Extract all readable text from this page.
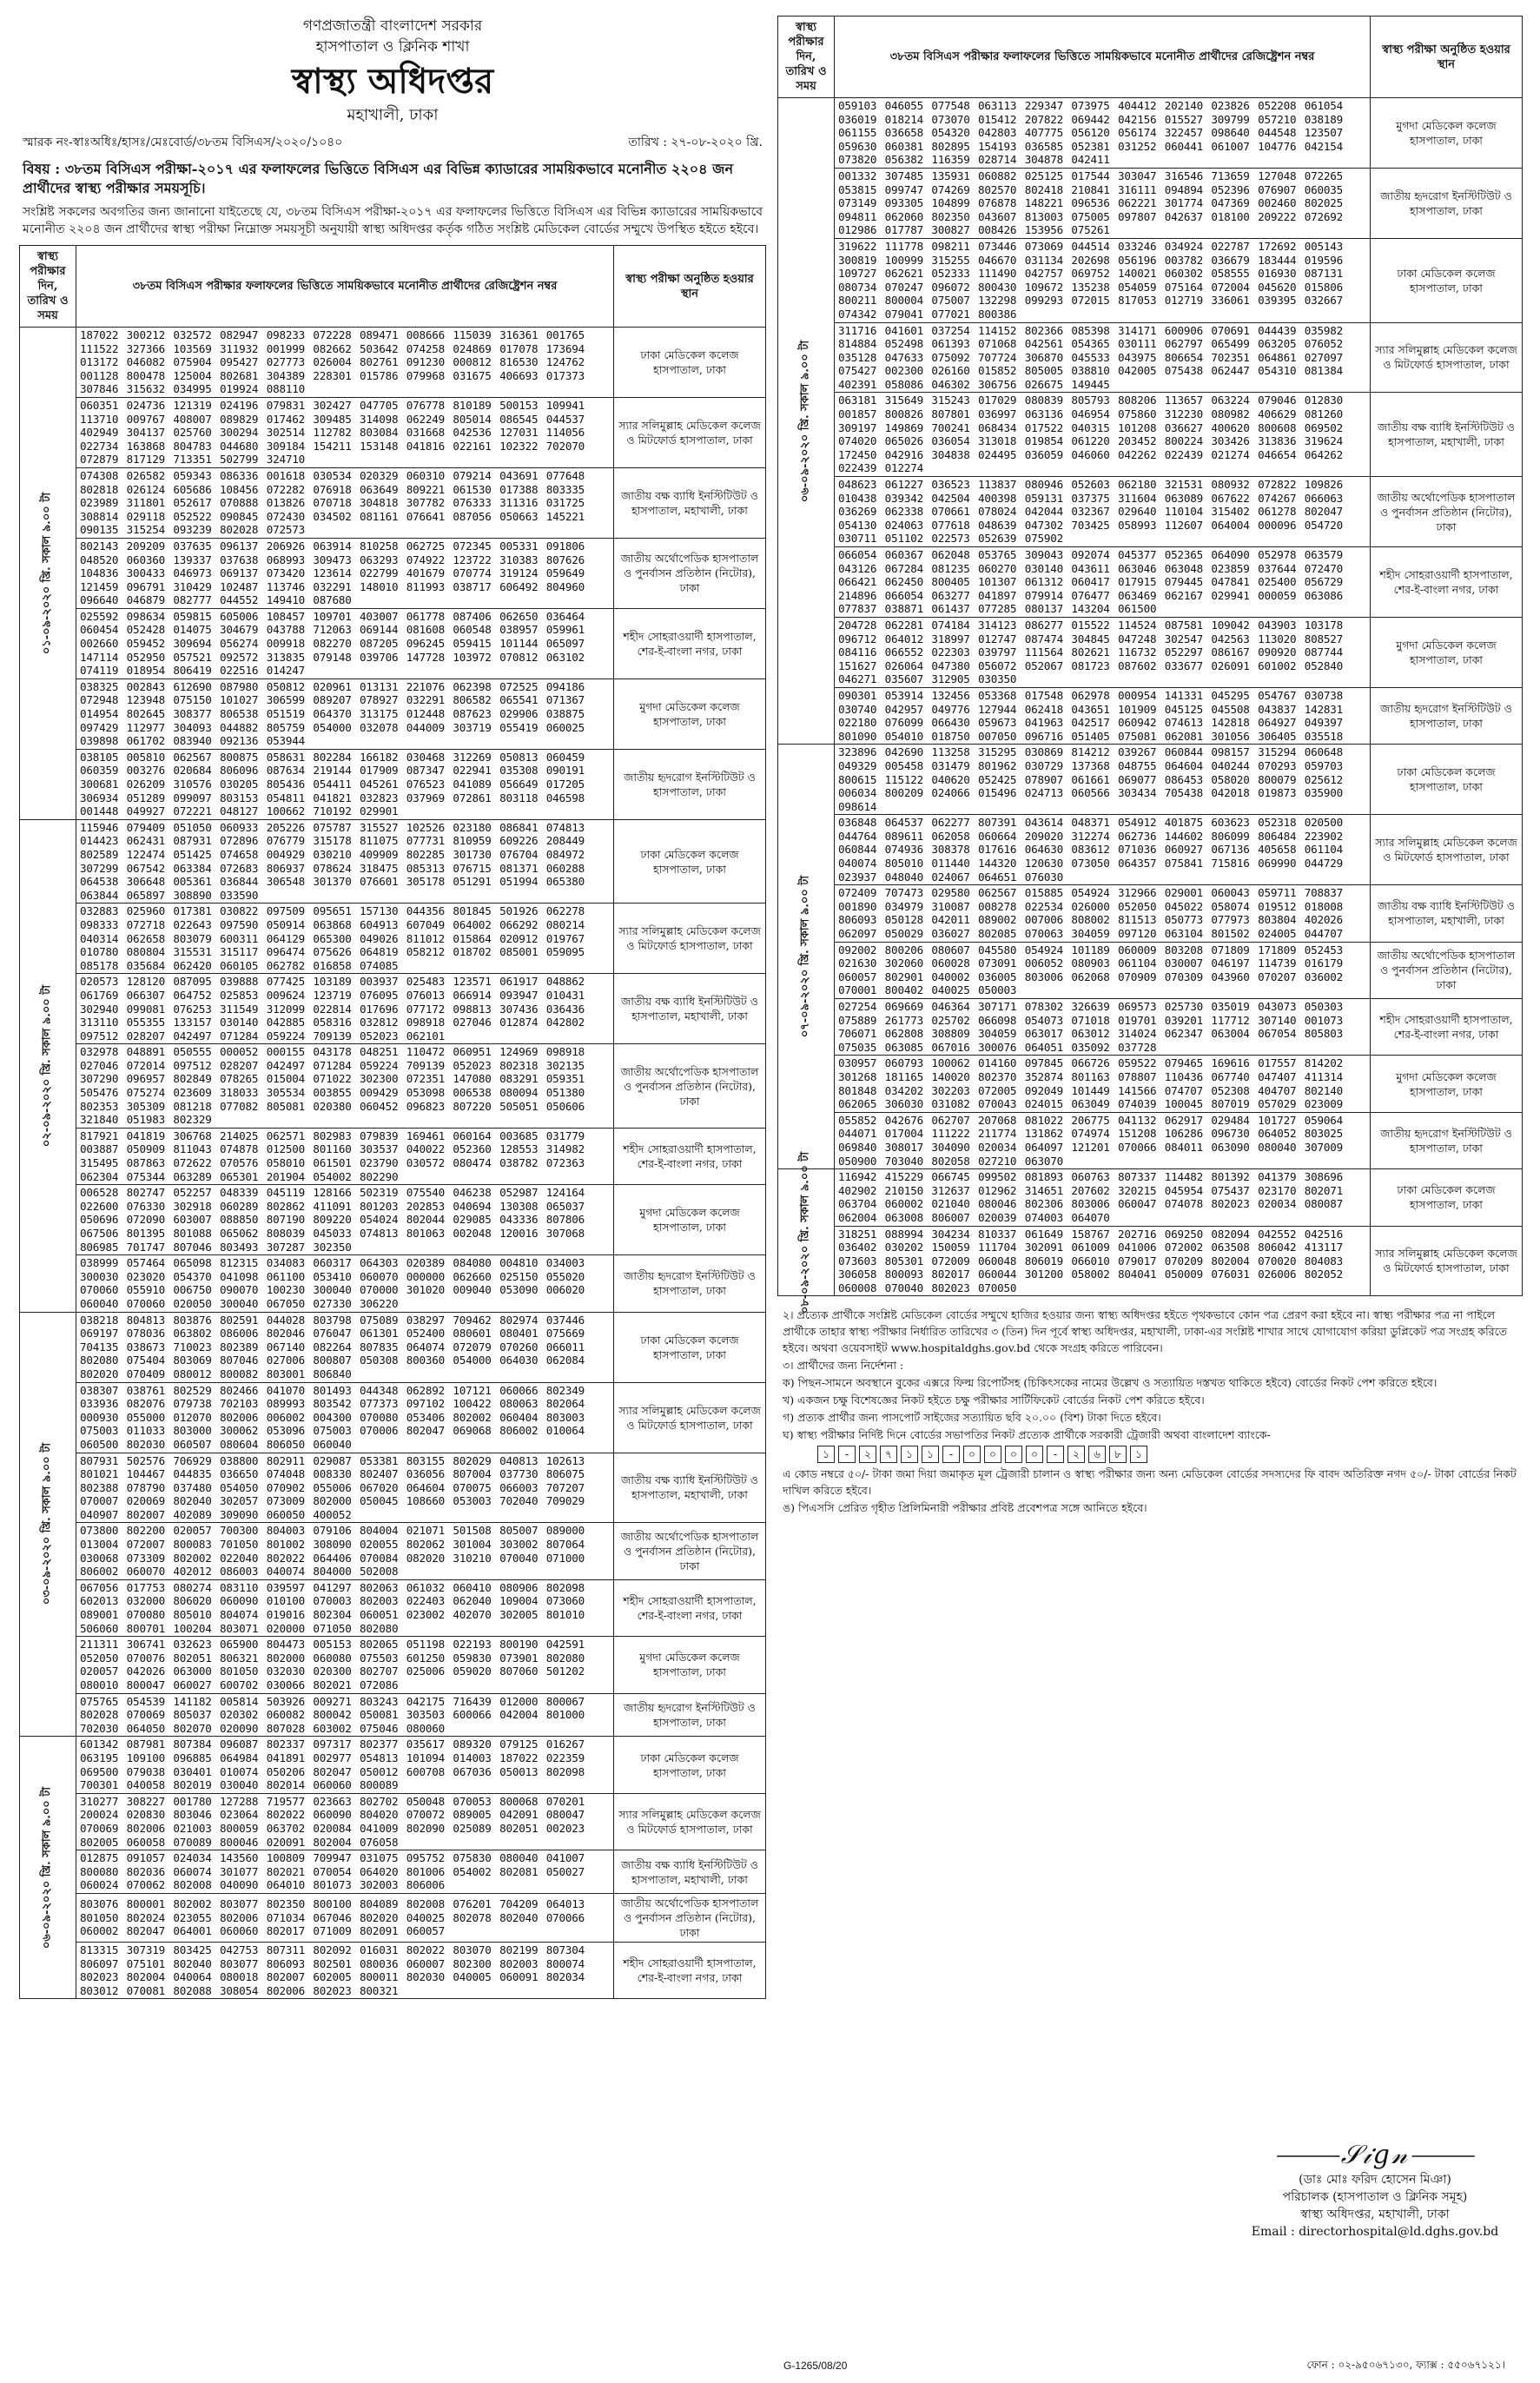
গণপ্রজাতন্ত্রী বাংলাদেশ সরকার
হাসপাতাল ও ক্লিনিক শাখা
স্বাস্থ্য অধিদপ্তর
মহাখালী, ঢাকা
স্মারক নং-স্বাঃঅধিঃ/হাসঃ/মেঃবোর্ড/৩৮তম বিসিএস/২০২০/১০৪০	তারিখ : ২৭-০৮-২০২০ খ্রি.
বিষয় : ৩৮তম বিসিএস পরীক্ষা-২০১৭ এর ফলাফলের ভিত্তিতে বিসিএস এর বিভিন্ন ক্যাডারের সাময়িকভাবে মনোনীত ২২০৪ জন প্রার্থীদের স্বাস্থ্য পরীক্ষার সময়সূচি।
সংশ্লিষ্ট সকলের অবগতির জন্য জানানো যাইতেছে যে, ৩৮তম বিসিএস পরীক্ষা-২০১৭ এর ফলাফলের ভিত্তিতে বিসিএস এর বিভিন্ন ক্যাডারের সাময়িকভাবে মনোনীত ২২০৪ জন প্রার্থীদের স্বাস্থ্য পরীক্ষা নিম্নোক্ত সময়সূচী অনুযায়ী স্বাস্থ্য অধিদপ্তর কর্তৃক গঠিত সংশ্লিষ্ট মেডিকেল বোর্ডের সম্মুখে উপস্থিত হইতে হইবে।
স্বাস্থ্য পরীক্ষার দিন, তারিখ ও সময়	৩৮তম বিসিএস পরীক্ষার ফলাফলের ভিত্তিতে সাময়িকভাবে মনোনীত প্রার্থীদের রেজিষ্ট্রেশন নম্বর	স্বাস্থ্য পরীক্ষা অনুষ্ঠিত হওয়ার স্থান

০১-০৯-২০২০ খ্রি. সকাল ৯.০০ টা	187022 300212 032572 082947 098233 072228 089471 008666 115039 316361 001765 111522 327366 103569 311932 001999 082662 503642 074258 024869 017078 173694 013172 046082 075904 095427 027773 026004 802761 091230 000812 816530 124762 001128 800478 125004 802681 304389 228301 015786 079968 031675 406693 017373 307846 315632 034995 019924 088110	ঢাকা মেডিকেল কলেজ হাসপাতাল, ঢাকা
	060351 024736 121319 024196 079831 302427 047705 076778 810189 500153 109941 113710 009767 408007 089829 017462 309485 314098 062249 805014 086545 044537 402949 304137 025760 300294 302514 112782 803084 031668 042536 127031 114056 022734 163868 804783 044680 309184 154211 153148 041816 022161 102322 702070 072879 817129 713351 502799 324710	স্যার সলিমুল্লাহ মেডিকেল কলেজ ও মিটফোর্ড হাসপাতাল, ঢাকা
	074308 026582 059343 086336 001618 030534 020329 060310 079214 043691 077648 802818 026124 605686 108456 072282 076918 063649 809221 061530 017388 803335 023989 311801 052617 070888 013826 070718 304818 307782 076333 311316 031725 308814 029118 052522 090845 072430 034502 081161 076641 087056 050663 145221 090135 315254 093239 802028 072573	জাতীয় বক্ষ ব্যাধি ইনস্টিটিউট ও হাসপাতাল, মহাখালী, ঢাকা
	802143 209209 037635 096137 206926 063914 810258 062725 072345 005331 091806 048520 060360 139337 037638 068993 309473 063293 074922 123722 310383 807626 104836 300433 046973 069137 073420 123614 022799 401679 070774 319124 059649 121459 096791 310429 102487 113746 032291 148010 811993 038717 606492 804960 096640 046879 082777 044552 149410 087680	জাতীয় অর্থোপেডিক হাসপাতাল ও পুনর্বাসন প্রতিষ্ঠান (নিটোর), ঢাকা
	025592 098634 059815 605006 108457 109701 403007 061778 087406 062650 036464 060454 052428 014075 304679 043788 712063 069144 081608 060548 038957 059961 002660 059452 309694 056274 009918 082270 087205 096245 059415 101144 065097 147114 052950 057521 092572 313835 079148 039706 147728 103972 070812 063102 074119 018954 806419 022516 014247	শহীদ সোহরাওয়ার্দী হাসপাতাল, শের-ই-বাংলা নগর, ঢাকা
	038325 002843 612690 087980 050812 020961 013131 221076 062398 072525 094186 072948 123948 075150 101027 306599 089207 078927 032291 806582 065541 071367 014954 802645 308377 806538 051519 064370 313175 012448 087623 029906 038875 097429 112977 304093 044882 805759 054000 032078 044009 303719 055419 060025 039898 061702 083940 092136 053944	মুগদা মেডিকেল কলেজ হাসপাতাল, ঢাকা
	038105 005810 062567 800875 058631 802284 166182 030468 312269 050813 060459 060359 003276 020684 806096 087634 219144 017909 087347 022941 035308 090191 300681 026209 310576 030205 805436 054411 045261 076523 041089 056649 017205 306934 051289 099097 803153 054811 041821 032823 037969 072861 803118 046598 001448 049927 072221 048127 100662 710192 029901	জাতীয় হৃদরোগ ইনস্টিটিউট ও হাসপাতাল, ঢাকা

০২-০৯-২০২০ খ্রি. সকাল ৯.০০ টা	115946 079409 051050 060933 205226 075787 315527 102526 023180 086841 074813 014423 062431 087931 072896 076779 315178 811075 077731 810959 609226 208449 802589 122474 051425 074658 004929 030210 409909 802285 301730 076704 084972 307299 067542 063384 072683 806937 078624 318475 085313 076715 081371 060288 064538 306648 005361 036844 306548 301370 076601 305178 051291 051994 065380 063844 065897 308890 033590	ঢাকা মেডিকেল কলেজ হাসপাতাল, ঢাকা
	032883 025960 017381 030822 097509 095651 157130 044356 801845 501926 062278 098333 072718 022643 097590 050914 063868 604913 607049 064002 066292 080214 040314 062658 803079 600311 064129 065300 049026 811012 015864 020912 019767 010780 080804 315531 315117 096474 075626 064819 058212 018702 085001 059095 085178 035684 062420 060105 062782 016858 074085	স্যার সলিমুল্লাহ মেডিকেল কলেজ ও মিটফোর্ড হাসপাতাল, ঢাকা
	020573 128120 087095 039888 077425 103189 003937 025483 123571 061917 048862 061769 066307 064752 025853 009624 123719 076095 076013 066914 093947 010431 302940 099081 076253 311549 312099 022814 017696 077172 098813 307436 036436 313110 055355 133157 030140 042885 058316 032812 098918 027046 012874 042802 097512 028207 042497 071284 059224 709139 052023 062101	জাতীয় বক্ষ ব্যাধি ইনস্টিটিউট ও হাসপাতাল, মহাখালী, ঢাকা
	032978 048891 050555 000052 000155 043178 048251 110472 060951 124969 098918 027046 072014 097512 028207 042497 071284 059224 709139 052023 802318 302135 307290 096957 802849 078265 015004 071022 302300 072351 147080 083291 059351 505476 075274 023609 318033 305534 003855 009429 053098 006538 080094 051380 802353 305309 081218 077082 805081 020380 060452 096823 807220 505051 050606 321840 051983 802329	জাতীয় অর্থোপেডিক হাসপাতাল ও পুনর্বাসন প্রতিষ্ঠান (নিটোর), ঢাকা
	817921 041819 306768 214025 062571 802983 079839 169461 060164 003685 031779 003887 050909 811043 074878 012500 801160 303537 040022 052360 128553 314982 315495 087863 072622 070576 058010 061501 023790 030572 080474 038782 072363 062304 075344 063289 065301 201904 054002 802290	শহীদ সোহরাওয়ার্দী হাসপাতাল, শের-ই-বাংলা নগর, ঢাকা
	006528 802747 052257 048339 045119 128166 502319 075540 046238 052987 124164 022600 076330 302918 060289 802862 411091 801203 202853 040694 130308 065037 050696 072090 603007 088850 807190 809220 054024 802044 029085 043336 807806 067506 801395 801088 065062 808039 045033 074813 801063 002048 120016 307068 806985 701747 807046 803493 307287 302350	মুগদা মেডিকেল কলেজ হাসপাতাল, ঢাকা
	038999 057464 065098 812315 034083 060317 064303 020389 084080 004810 034003 300030 023020 054370 041098 061100 053410 060070 000000 062660 025150 055020 070060 055910 006750 090070 100230 300040 070000 301020 009040 053090 006020 060040 070060 020050 300040 067050 027330 306220	জাতীয় হৃদরোগ ইনস্টিটিউট ও হাসপাতাল, ঢাকা

০৩-০৯-২০২০ খ্রি. সকাল ৯.০০ টা	038218 804813 803876 802591 044028 803798 075089 038297 709462 802974 037446 069197 078036 063802 086006 802046 076047 061301 052400 080601 080401 075669 704135 038673 710023 802389 067140 082264 807835 064074 072079 070260 066011 802080 075404 803069 807046 027006 800807 050308 800360 054000 064030 062084 802020 070409 080012 800082 803001 806840	ঢাকা মেডিকেল কলেজ হাসপাতাল, ঢাকা
	038307 038761 802529 802466 041070 801493 044348 062892 107121 060066 802349 033936 082076 079738 702103 089993 803542 077373 097102 100422 080063 802064 000930 055000 012070 802006 006002 004300 070080 053406 802002 060404 803003 075003 011033 803000 300062 053096 075003 070006 802047 069068 806002 010064 060500 802030 060507 080604 806050 060040	স্যার সলিমুল্লাহ মেডিকেল কলেজ ও মিটফোর্ড হাসপাতাল, ঢাকা
	807931 502576 706929 038800 802911 029087 053381 803155 802029 040813 102613 801021 104467 044835 036650 074048 008330 802407 036056 807004 037730 806075 802388 078790 037480 054050 070902 055006 067020 064604 070075 066003 707207 070007 020069 802040 302057 073009 802000 050045 108660 053003 702040 709029 040907 802007 402089 309090 060050 400052	জাতীয় বক্ষ ব্যাধি ইনস্টিটিউট ও হাসপাতাল, মহাখালী, ঢাকা
	073800 802200 020057 700300 804003 079106 804004 021071 501508 805007 089000 013004 072007 800083 701050 801002 308090 020055 802062 301004 303002 807064 030068 073309 802002 022040 802022 064406 070084 082020 310210 070040 071000 806002 060070 402012 086003 040074 804000 502008	জাতীয় অর্থোপেডিক হাসপাতাল ও পুনর্বাসন প্রতিষ্ঠান (নিটোর), ঢাকা
	067056 017753 080274 083110 039597 041297 802063 061032 060410 080906 802098 602013 032000 806020 060090 010100 070003 802003 022403 062040 109004 073060 089001 070080 805010 804074 019016 802304 060051 023002 402070 302005 801010 506060 800701 100204 803071 020000 071050 802080	শহীদ সোহরাওয়ার্দী হাসপাতাল, শের-ই-বাংলা নগর, ঢাকা
	211311 306741 032623 065900 804473 005153 802065 051198 022193 800190 042591 052050 070076 802051 806321 802000 060080 075503 601250 059830 073901 802080 020057 042026 063000 801050 032030 020300 802707 025006 059020 807060 501202 080010 800047 060027 600702 030066 802021 072086	মুগদা মেডিকেল কলেজ হাসপাতাল, ঢাকা
	075765 054539 141182 005814 503926 009271 803243 042175 716439 012000 800067 802028 070069 805037 020302 060082 800042 050081 303503 600066 042004 801000 702030 064050 802070 020090 807028 603002 075046 080060	জাতীয় হৃদরোগ ইনস্টিটিউট ও হাসপাতাল, ঢাকা

০৬-০৯-২০২০ খ্রি. সকাল ৯.০০ টা	601342 087981 807384 096087 802337 097317 802377 035617 089320 079125 016267 063195 109100 096885 064984 041891 002977 054813 101094 014003 187022 022359 069500 079038 030401 010074 050206 802047 050012 600708 067036 050013 802098 700301 040058 802019 030040 802014 060060 800089	ঢাকা মেডিকেল কলেজ হাসপাতাল, ঢাকা
	310277 308227 001780 127288 719577 023663 802702 050048 070053 800068 070201 200024 020830 803046 023064 802022 060090 804020 070072 089005 042091 080047 070069 802006 021003 800059 063702 020084 041009 802090 025089 802051 002023 802005 060058 070089 800046 020091 802004 076058	স্যার সলিমুল্লাহ মেডিকেল কলেজ ও মিটফোর্ড হাসপাতাল, ঢাকা
	012875 091057 024034 143560 100809 709947 031075 095752 075830 080040 041007 800080 802036 060074 301077 802021 070054 064020 801006 054002 802081 050027 060024 070062 802008 040090 064010 801073 302003 806006	জাতীয় বক্ষ ব্যাধি ইনস্টিটিউট ও হাসপাতাল, মহাখালী, ঢাকা
	803076 800001 802002 803077 802350 800100 804089 802008 076201 704209 064013 801050 802024 023055 802006 071034 067046 802020 040025 802078 802040 070066 060002 802047 064001 060060 802017 071009 802091 060057	জাতীয় অর্থোপেডিক হাসপাতাল ও পুনর্বাসন প্রতিষ্ঠান (নিটোর), ঢাকা
	813315 307319 803425 042753 807311 802092 016031 802022 803070 802199 807304 806097 075101 802040 803077 806093 802501 080036 060007 802300 802003 800074 802023 802004 040064 080018 802007 602005 800011 802030 040005 060091 802034 803012 070081 802088 308054 802006 802023 800321	শহীদ সোহরাওয়ার্দী হাসপাতাল, শের-ই-বাংলা নগর, ঢাকা
স্বাস্থ্য পরীক্ষার দিন, তারিখ ও সময়	৩৮তম বিসিএস পরীক্ষার ফলাফলের ভিত্তিতে সাময়িকভাবে মনোনীত প্রার্থীদের রেজিষ্ট্রেশন নম্বর	স্বাস্থ্য পরীক্ষা অনুষ্ঠিত হওয়ার স্থান

০৬-০৯-২০২০ খ্রি. সকাল ৯.০০ টা	059103 046055 077548 063113 229347 073975 404412 202140 023826 052208 061054 036019 018214 073070 015412 207822 069442 042156 015527 309799 057210 038189 061155 036658 054320 042803 407775 056120 056174 322457 098640 044548 123507 059630 060381 802895 154193 036585 052381 031252 060441 061007 104776 042154 073820 056382 116359 028714 304878 042411	মুগদা মেডিকেল কলেজ হাসপাতাল, ঢাকা
	001332 307485 135931 060882 025125 017544 303047 316546 713659 127048 072265 053815 099747 074269 802570 802418 210841 316111 094894 052396 076907 060035 073149 093305 104899 076878 148221 096536 062221 301774 047369 002460 802025 094811 062060 802350 043607 813003 075005 097807 042637 018100 209222 072692 012986 017787 300827 008426 153956 075261	জাতীয় হৃদরোগ ইনস্টিটিউট ও হাসপাতাল, ঢাকা
	319622 111778 098211 073446 073069 044514 033246 034924 022787 172692 005143 300819 100999 315255 046670 031134 202698 056196 003782 036679 183444 019596 109727 062621 052333 111490 042757 069752 140021 060302 058555 016930 087131 080734 070247 096072 800430 109672 135238 054059 075164 072004 045620 015806 800211 800004 075007 132298 099293 072015 817053 012719 336061 039395 032667 074342 079041 077021 800386	ঢাকা মেডিকেল কলেজ হাসপাতাল, ঢাকা
	311716 041601 037254 114152 802366 085398 314171 600906 070691 044439 035982 814884 052498 061393 071068 042561 054365 030111 062797 065499 063205 076052 035128 047633 075092 707724 306870 045533 043975 806654 702351 064861 027097 075427 002300 026160 015852 805005 038810 042005 075438 062447 054310 081384 402391 058086 046302 306756 026675 149445	স্যার সলিমুল্লাহ মেডিকেল কলেজ ও মিটফোর্ড হাসপাতাল, ঢাকা
	063181 315649 315243 017029 080839 805793 808206 113657 063224 079046 012830 001857 800826 807801 036997 063136 046954 075860 312230 080982 406629 081260 309197 149869 700241 068434 017522 040315 101208 036627 400620 800608 069502 074020 065026 036054 313018 019854 061220 203452 800224 303426 313836 319624 172450 042916 304838 024495 036059 046060 042262 022439 021274 046654 064262 022439 012274	জাতীয় বক্ষ ব্যাধি ইনস্টিটিউট ও হাসপাতাল, মহাখালী, ঢাকা
	048623 061227 036523 113837 080946 052603 062180 321531 080932 072822 109826 010438 039342 042504 400398 059131 037375 311604 063089 067622 074267 066063 036269 062338 070661 078024 042044 032367 029640 110104 315402 061278 802047 054130 024063 077618 048639 047302 703425 058993 112607 064004 000096 054720 030711 051102 022573 052639 075902	জাতীয় অর্থোপেডিক হাসপাতাল ও পুনর্বাসন প্রতিষ্ঠান (নিটোর), ঢাকা
	066054 060367 062048 053765 309043 092074 045377 052365 064090 052978 063579 043126 067284 081235 060270 030140 043611 063046 063048 023859 037644 072470 066421 062450 800405 101307 061312 060417 017915 079445 047841 025400 056729 214896 066054 063277 041897 079914 076477 063469 062167 029941 000059 063086 077837 038871 061437 077285 080137 143204 061500	শহীদ সোহরাওয়ার্দী হাসপাতাল, শের-ই-বাংলা নগর, ঢাকা
	204728 062281 074184 314123 086277 015522 114524 087581 109042 043903 103178 096712 064012 318997 012747 087474 304845 047248 302547 042563 113020 808527 084116 066552 022303 039797 111564 802621 116732 052297 086167 090920 087744 151627 026064 047380 056072 052067 081723 087602 033677 026091 601002 052840 046271 035607 312905 030350	মুগদা মেডিকেল কলেজ হাসপাতাল, ঢাকা
	090301 053914 132456 053368 017548 062978 000954 141331 045295 054767 030738 030740 042957 049776 127944 062418 043651 101909 045125 045508 043837 142831 022180 076099 066430 059673 041963 042517 060942 074613 142818 064927 049397 801090 054010 018750 007050 096716 051405 075081 062081 301056 306405 035518	জাতীয় হৃদরোগ ইনস্টিটিউট ও হাসপাতাল, ঢাকা

০৭-০৯-২০২০ খ্রি. সকাল ৯.০০ টা	323896 042690 113258 315295 030869 814212 039267 060844 098157 315294 060648 049329 005458 031479 801962 030729 137368 048755 064604 040244 070293 059703 800615 115122 040620 052425 078907 061661 069077 086453 058020 800079 025612 006034 800209 024066 015496 024713 060566 303434 705438 042018 019873 035900 098614	ঢাকা মেডিকেল কলেজ হাসপাতাল, ঢাকা
	036848 064537 062277 807391 043614 048371 054912 401875 603623 052318 020500 044764 089611 062058 060664 209020 312274 062736 144602 806099 806484 223902 060844 074936 308378 017616 064630 083612 071036 060927 067136 405658 061104 040074 805010 011440 144320 120630 073050 064357 075841 715816 069990 044729 023937 048040 024067 064651 076030	স্যার সলিমুল্লাহ মেডিকেল কলেজ ও মিটফোর্ড হাসপাতাল, ঢাকা
	072409 707473 029580 062567 015885 054924 312966 029001 060043 059711 708837 001890 034979 310087 008278 022534 026000 052050 045022 058074 019512 018008 806093 050128 042011 089002 007006 808002 811513 050773 077973 803804 402026 062097 050029 036027 802085 070063 304059 097120 063104 801502 024005 044707	জাতীয় বক্ষ ব্যাধি ইনস্টিটিউট ও হাসপাতাল, মহাখালী, ঢাকা
	092002 800206 080607 045580 054924 101189 060009 803208 071809 171809 052453 021630 302060 060028 073091 006052 080903 061104 030007 046197 114739 016179 060057 802901 040002 036005 803006 062068 070909 070309 043960 070207 036002 070001 800402 040025 050003	জাতীয় অর্থোপেডিক হাসপাতাল ও পুনর্বাসন প্রতিষ্ঠান (নিটোর), ঢাকা
	027254 069669 046364 307171 078302 326639 069573 025730 035019 043073 050303 075889 261773 025702 066098 054073 071018 019701 039201 117712 307140 001073 706071 062808 308809 304059 063017 063012 314024 062347 063004 067054 805803 075035 063085 067016 300076 064051 035092 037728	শহীদ সোহরাওয়ার্দী হাসপাতাল, শের-ই-বাংলা নগর, ঢাকা
	030957 060793 100062 014160 097845 066726 059522 079465 169616 017557 814202 301268 181165 140020 802370 352874 801163 078807 110436 067740 047407 411314 801848 034202 302203 072005 092049 101449 141566 074707 052308 404707 802140 062065 306030 031082 070043 024015 063049 074039 100045 807019 057029 023009	মুগদা মেডিকেল কলেজ হাসপাতাল, ঢাকা
	055852 042676 062707 207068 081022 206775 041132 062917 029484 101727 059064 044071 017004 111222 211774 131862 074974 151208 106286 096730 064052 803025 069840 308017 304090 020034 064097 121201 070066 084011 063090 080040 307009 050900 703040 802058 027210 063070	জাতীয় হৃদরোগ ইনস্টিটিউট ও হাসপাতাল, ঢাকা

০৮-০৯-২০২০ খ্রি. সকাল ৯.০০ টা	116942 415229 066745 099502 081893 060763 807337 114482 801392 041379 308696 402902 210150 312637 012962 314651 207602 320215 045954 075437 023170 802071 063704 060002 021040 080046 802306 803006 060047 074078 802023 020034 080087 062004 063008 806007 020039 074003 064070	ঢাকা মেডিকেল কলেজ হাসপাতাল, ঢাকা
	318251 088994 304234 810337 061649 158767 202716 069250 082094 042552 042516 036402 030202 150059 111704 302091 061009 041006 072002 063508 806042 413117 073603 805301 072009 060048 806019 066010 079017 070209 802004 070020 804083 306058 800093 802017 060044 301200 058002 804041 050009 076031 026006 802052 060008 070040 802023 070050	স্যার সলিমুল্লাহ মেডিকেল কলেজ ও মিটফোর্ড হাসপাতাল, ঢাকা
২। প্রত্যেক প্রার্থীকে সংশ্লিষ্ট মেডিকেল বোর্ডের সম্মুখে হাজির হওয়ার জন্য স্বাস্থ্য অধিদপ্তর হইতে পৃথকভাবে কোন পত্র প্রেরণ করা হইবে না। স্বাস্থ্য পরীক্ষার পত্র না পাইলে প্রার্থীকে তাহার স্বাস্থ্য পরীক্ষার নির্ধারিত তারিখের ৩ (তিন) দিন পূর্বে স্বাস্থ্য অধিদপ্তর, মহাখালী, ঢাকা-এর সংশ্লিষ্ট শাখার সাথে যোগাযোগ করিয়া ডুপ্লিকেট পত্র সংগ্রহ করিতে হইবে। অথবা ওয়েবসাইট www.hospitaldghs.gov.bd থেকে সংগ্রহ করিতে পারিবেন।
৩। প্রার্থীদের জন্য নির্দেশনা :
ক) পিছন-সামনে অবস্থানে বুকের এক্সরে ফিল্ম রিপোর্টসহ (চিকিৎসকের নামের উল্লেখ ও সত্যায়িত দস্তখত থাকিতে হইবে) বোর্ডের নিকট পেশ করিতে হইবে।
খ) একজন চক্ষু বিশেষজ্ঞের নিকট হইতে চক্ষু পরীক্ষার সার্টিফিকেট বোর্ডের নিকট পেশ করিতে হইবে।
গ) প্রত্যক প্রার্থীর জন্য পাসপোর্ট সাইজের সত্যায়িত ছবি ২০.০০ (বিশ) টাকা দিতে হইবে।
ঘ) স্বাস্থ্য পরীক্ষার নির্দিষ্ট দিনে বোর্ডের সভাপতির নিকট প্রত্যেক প্রার্থীকে সরকারী ট্রেজারী অথবা বাংলাদেশ ব্যাংকে-
১	-	২	৭	১	১	-	০	০	০	০	-	২	৬	৮	১
এ কোড নম্বরে ৫০/- টাকা জমা দিয়া জমাকৃত মূল ট্রেজারী চালান ও স্বাস্থ্য পরীক্ষার জন্য অন্য মেডিকেল বোর্ডের সদস্যদের ফি বাবদ অতিরিক্ত নগদ ৫০/- টাকা বোর্ডের নিকট দাখিল করিতে হইবে।
ঙ) পিএসসি প্রেরিত গৃহীত প্রিলিমিনারী পরীক্ষার প্রবিষ্ট প্রবেশপত্র সঙ্গে আনিতে হইবে।
⸻𝒮𝒾𝑔𝓃⸻
(ডাঃ মোঃ ফরিদ হোসেন মিঞা)
পরিচালক (হাসপাতাল ও ক্লিনিক সমূহ)
স্বাস্থ্য অধিদপ্তর, মহাখালী, ঢাকা
Email : directorhospital@ld.dghs.gov.bd
G-1265/08/20	ফোন : ০২-৯৫০৬৭১৩০, ফ্যাক্স : ৫৫০৬৭১২১।
